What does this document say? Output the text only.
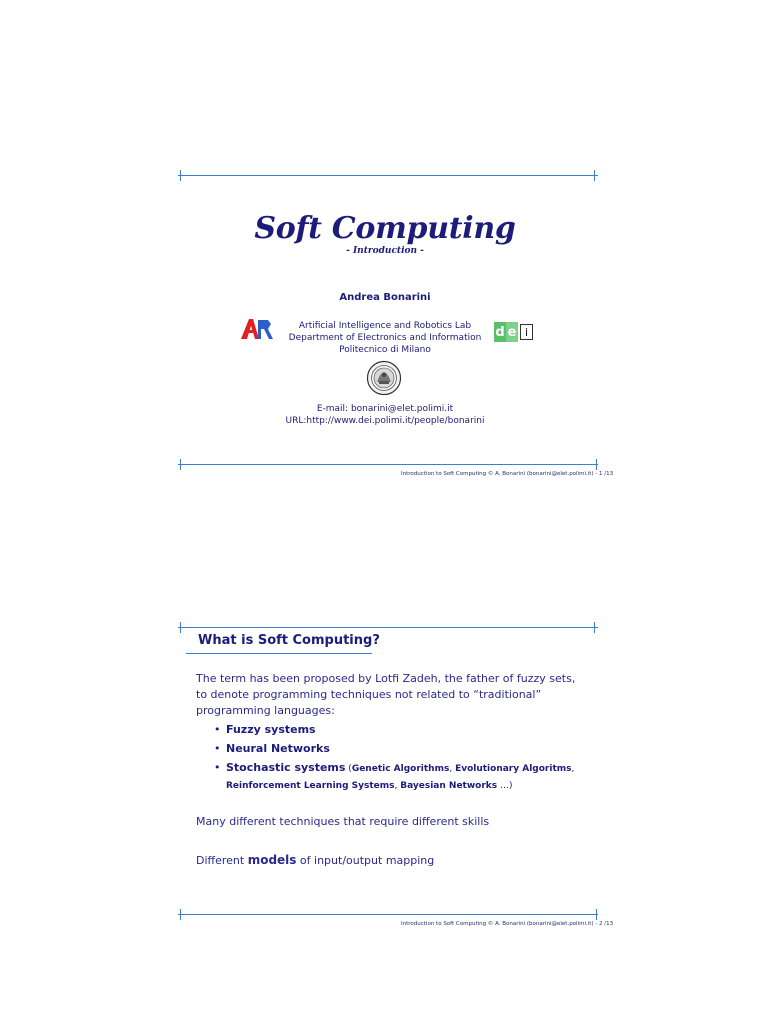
Soft Computing
- Introduction -
Andrea Bonarini
Artificial Intelligence and Robotics Lab
Department of Electronics and Information
Politecnico di Milano
d e i
E-mail: bonarini@elet.polimi.it
URL:http://www.dei.polimi.it/people/bonarini
Introduction to Soft Computing © A. Bonarini (bonarini@elet.polimi.it) - 1 /13
What is Soft Computing?
The term has been proposed by Lotfi Zadeh, the father of fuzzy sets, to denote programming techniques not related to “traditional” programming languages:
• Fuzzy systems
• Neural Networks
• Stochastic systems (Genetic Algorithms, Evolutionary Algoritms,
Reinforcement Learning Systems, Bayesian Networks …)
Many different techniques that require different skills
Different models of input/output mapping
Introduction to Soft Computing © A. Bonarini (bonarini@elet.polimi.it) - 2 /13
